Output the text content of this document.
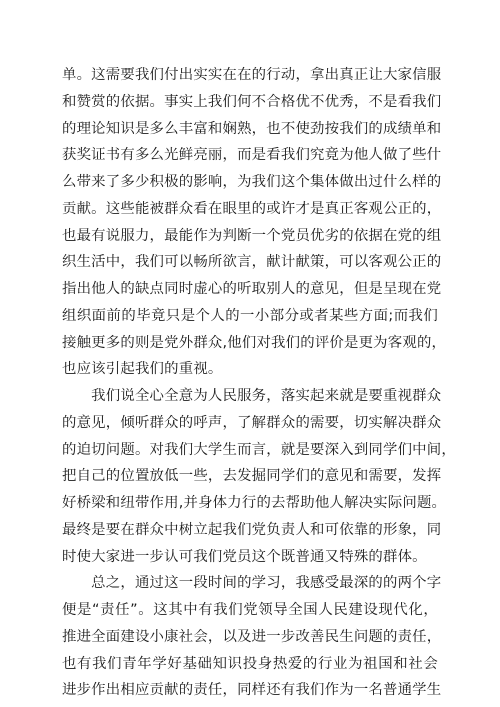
单。这需要我们付出实实在在的行动，拿出真正让大家信服
和赞赏的依据。事实上我们何不合格优不优秀，不是看我们
的理论知识是多么丰富和娴熟，也不使劲按我们的成绩单和
获奖证书有多么光鲜亮丽，而是看我们究竟为他人做了些什
么带来了多少积极的影响，为我们这个集体做出过什么样的
贡献。这些能被群众看在眼里的或许才是真正客观公正的，
也最有说服力，最能作为判断一个党员优劣的依据在党的组
织生活中，我们可以畅所欲言，献计献策，可以客观公正的
指出他人的缺点同时虚心的听取别人的意见，但是呈现在党
组织面前的毕竟只是个人的一小部分或者某些方面;而我们
接触更多的则是党外群众,他们对我们的评价是更为客观的，
也应该引起我们的重视。
　　我们说全心全意为人民服务，落实起来就是要重视群众
的意见，倾听群众的呼声，了解群众的需要，切实解决群众
的迫切问题。对我们大学生而言，就是要深入到同学们中间，
把自己的位置放低一些，去发掘同学们的意见和需要，发挥
好桥梁和纽带作用,并身体力行的去帮助他人解决实际问题。
最终是要在群众中树立起我们党负责人和可依靠的形象，同
时使大家进一步认可我们党员这个既普通又特殊的群体。
　　总之，通过这一段时间的学习，我感受最深的的两个字
便是“责任”。这其中有我们党领导全国人民建设现代化，
推进全面建设小康社会，以及进一步改善民生问题的责任，
也有我们青年学好基础知识投身热爱的行业为祖国和社会
进步作出相应贡献的责任，同样还有我们作为一名普通学生
